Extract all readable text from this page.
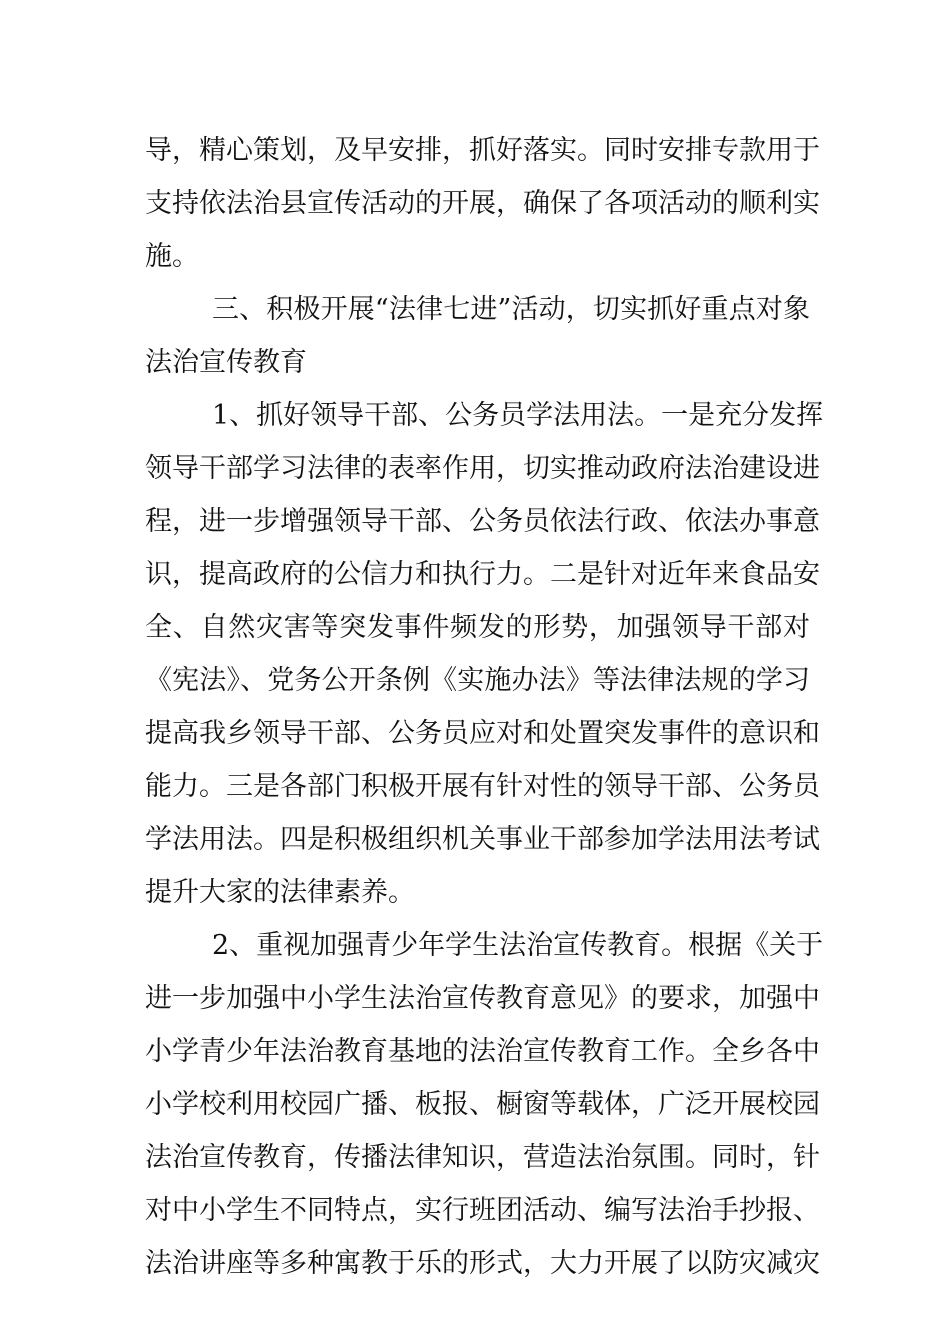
导，精心策划，及早安排，抓好落实。同时安排专款用于
支持依法治县宣传活动的开展，确保了各项活动的顺利实
施。
三、积极开展“法律七进”活动，切实抓好重点对象
法治宣传教育
1、抓好领导干部、公务员学法用法。一是充分发挥
领导干部学习法律的表率作用，切实推动政府法治建设进
程，进一步增强领导干部、公务员依法行政、依法办事意
识，提高政府的公信力和执行力。二是针对近年来食品安
全、自然灾害等突发事件频发的形势，加强领导干部对
《宪法》、党务公开条例《实施办法》等法律法规的学习
提高我乡领导干部、公务员应对和处置突发事件的意识和
能力。三是各部门积极开展有针对性的领导干部、公务员
学法用法。四是积极组织机关事业干部参加学法用法考试
提升大家的法律素养。
2、重视加强青少年学生法治宣传教育。根据《关于
进一步加强中小学生法治宣传教育意见》的要求，加强中
小学青少年法治教育基地的法治宣传教育工作。全乡各中
小学校利用校园广播、板报、橱窗等载体，广泛开展校园
法治宣传教育，传播法律知识，营造法治氛围。同时，针
对中小学生不同特点，实行班团活动、编写法治手抄报、
法治讲座等多种寓教于乐的形式，大力开展了以防灾减灾
